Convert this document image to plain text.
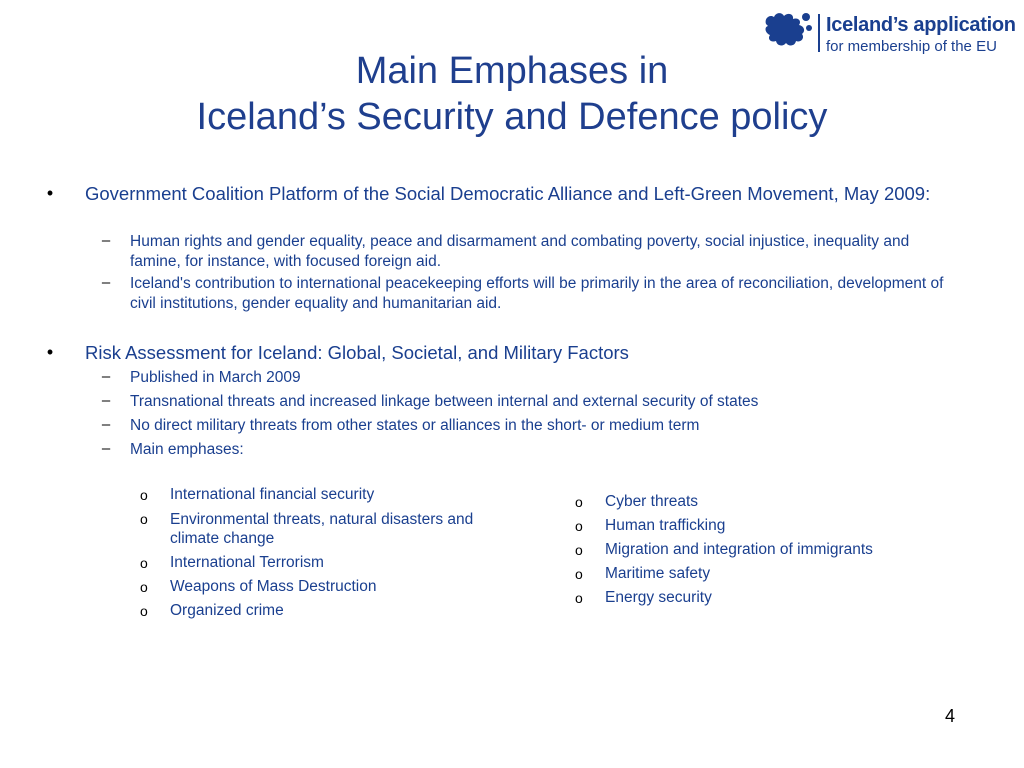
Iceland’s application
for membership of the EU
Main Emphases in
Iceland’s Security and Defence policy
•	Government Coalition Platform of the Social Democratic Alliance and Left-Green Movement, May 2009:
–	Human rights and gender equality, peace and disarmament and combating poverty, social injustice, inequality and famine, for instance, with focused foreign aid.
–	Iceland's contribution to international peacekeeping efforts will be primarily in the area of reconciliation, development of civil institutions, gender equality and humanitarian aid.
•	Risk Assessment for Iceland: Global, Societal, and Military Factors
–	Published in March 2009
–	Transnational threats and increased linkage between internal and external security of states
–	No direct military threats from other states or alliances in the short- or medium term
–	Main emphases:
o International financial security
o Environmental threats, natural disasters and climate change
o International Terrorism
o Weapons of Mass Destruction
o Organized crime
o Cyber threats
o Human trafficking
o Migration and integration of immigrants
o Maritime safety
o Energy security
4
